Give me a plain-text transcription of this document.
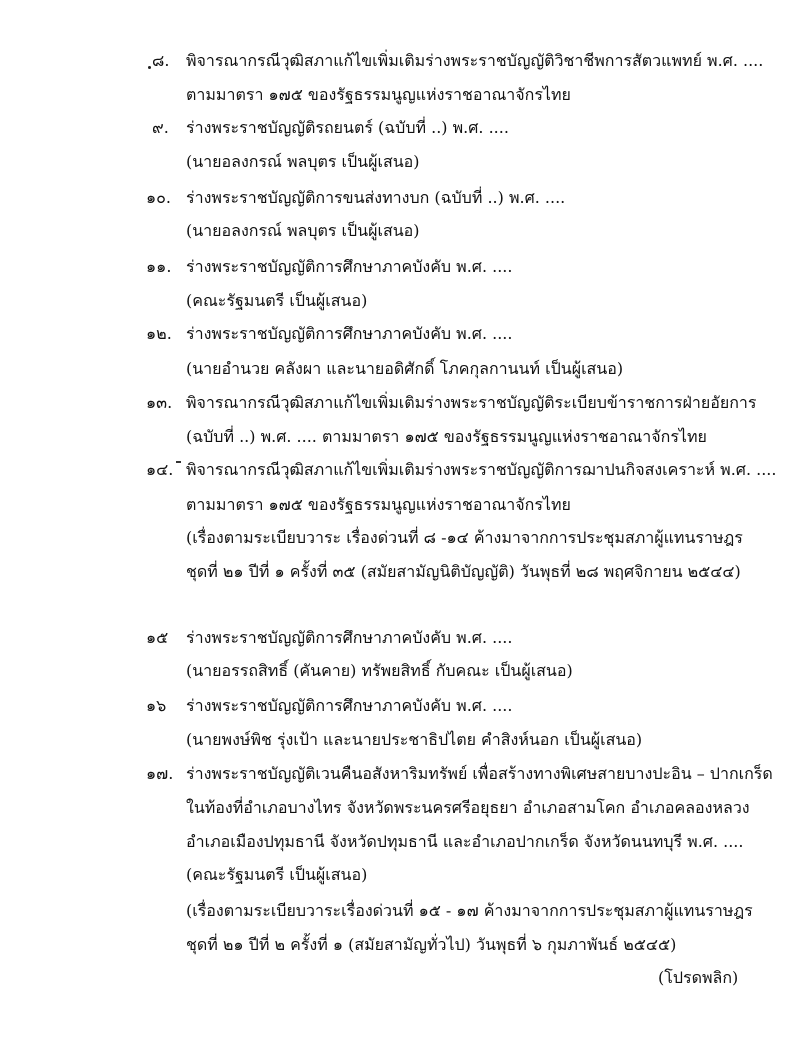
๘. พิจารณากรณีวุฒิสภาแก้ไขเพิ่มเติมร่างพระราชบัญญัติวิชาชีพการสัตวแพทย์ พ.ศ. ....
ตามมาตรา ๑๗๕ ของรัฐธรรมนูญแห่งราชอาณาจักรไทย
๙. ร่างพระราชบัญญัติรถยนตร์ (ฉบับที่ ..) พ.ศ. ....
(นายอลงกรณ์ พลบุตร เป็นผู้เสนอ)
๑๐. ร่างพระราชบัญญัติการขนส่งทางบก (ฉบับที่ ..) พ.ศ. ....
(นายอลงกรณ์ พลบุตร เป็นผู้เสนอ)
๑๑. ร่างพระราชบัญญัติการศึกษาภาคบังคับ พ.ศ. ....
(คณะรัฐมนตรี เป็นผู้เสนอ)
๑๒. ร่างพระราชบัญญัติการศึกษาภาคบังคับ พ.ศ. ....
(นายอำนวย คลังผา และนายอดิศักดิ์ โภคกุลกานนท์ เป็นผู้เสนอ)
๑๓. พิจารณากรณีวุฒิสภาแก้ไขเพิ่มเติมร่างพระราชบัญญัติระเบียบข้าราชการฝ่ายอัยการ
(ฉบับที่ ..) พ.ศ. .... ตามมาตรา ๑๗๕ ของรัฐธรรมนูญแห่งราชอาณาจักรไทย
๑๔. พิจารณากรณีวุฒิสภาแก้ไขเพิ่มเติมร่างพระราชบัญญัติการฌาปนกิจสงเคราะห์ พ.ศ. ....
ตามมาตรา ๑๗๕ ของรัฐธรรมนูญแห่งราชอาณาจักรไทย
(เรื่องตามระเบียบวาระ เรื่องด่วนที่ ๘ -๑๔ ค้างมาจากการประชุมสภาผู้แทนราษฎร
ชุดที่ ๒๑ ปีที่ ๑ ครั้งที่ ๓๕ (สมัยสามัญนิติบัญญัติ) วันพุธที่ ๒๘ พฤศจิกายน ๒๕๔๔)
๑๕ ร่างพระราชบัญญัติการศึกษาภาคบังคับ พ.ศ. ....
(นายอรรถสิทธิ์ (คันคาย) ทรัพยสิทธิ์ กับคณะ เป็นผู้เสนอ)
๑๖ ร่างพระราชบัญญัติการศึกษาภาคบังคับ พ.ศ. ....
(นายพงษ์พิช รุ่งเป้า และนายประชาธิปไตย คำสิงห์นอก เป็นผู้เสนอ)
๑๗. ร่างพระราชบัญญัติเวนคืนอสังหาริมทรัพย์ เพื่อสร้างทางพิเศษสายบางปะอิน – ปากเกร็ด
ในท้องที่อำเภอบางไทร จังหวัดพระนครศรีอยุธยา อำเภอสามโคก อำเภอคลองหลวง
อำเภอเมืองปทุมธานี จังหวัดปทุมธานี และอำเภอปากเกร็ด จังหวัดนนทบุรี พ.ศ. ....
(คณะรัฐมนตรี เป็นผู้เสนอ)
(เรื่องตามระเบียบวาระเรื่องด่วนที่ ๑๕ - ๑๗ ค้างมาจากการประชุมสภาผู้แทนราษฎร
ชุดที่ ๒๑ ปีที่ ๒ ครั้งที่ ๑ (สมัยสามัญทั่วไป) วันพุธที่ ๖ กุมภาพันธ์ ๒๕๔๕)
(โปรดพลิก)
